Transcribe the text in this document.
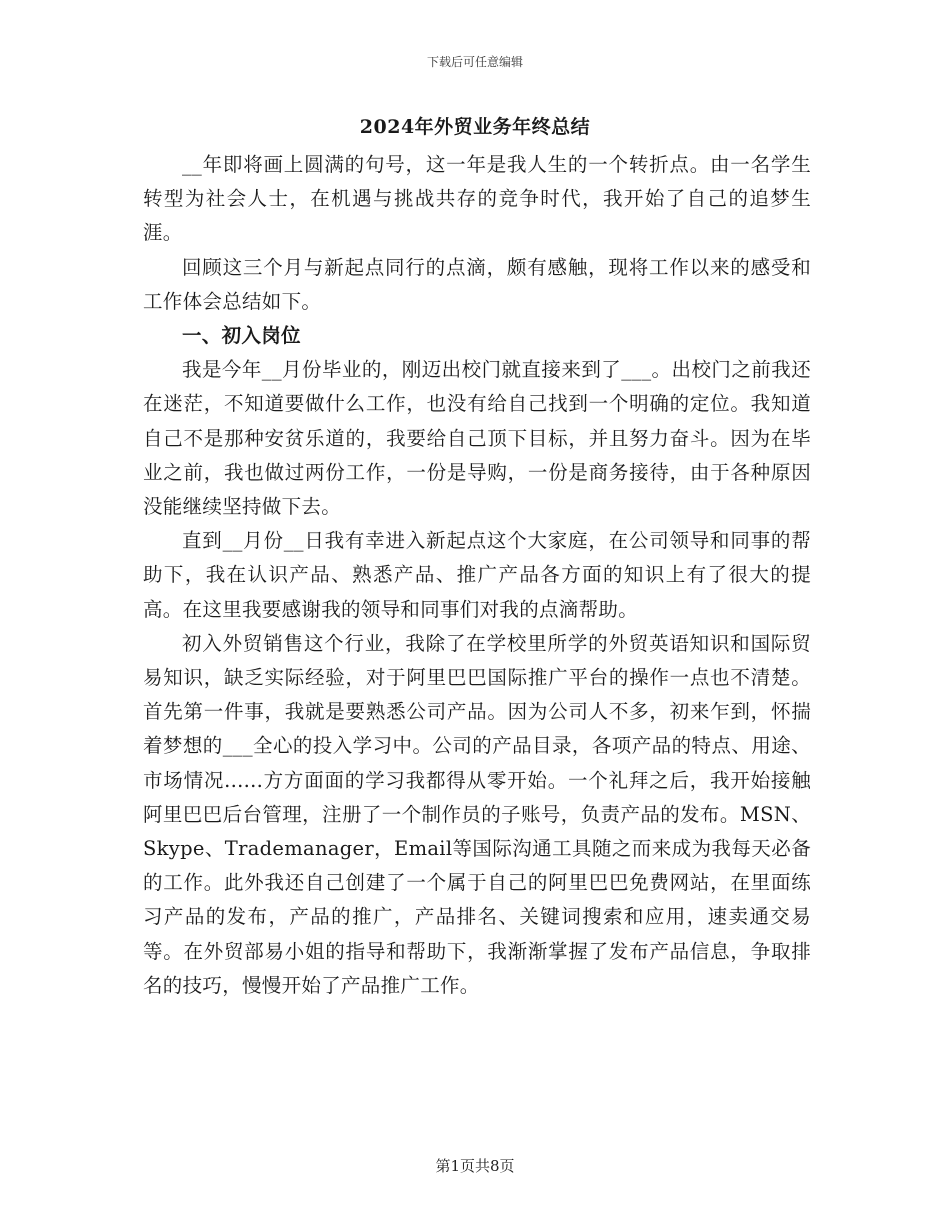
下载后可任意编辑
2024年外贸业务年终总结

__年即将画上圆满的句号，这一年是我人生的一个转折点。由一名学生转型为社会人士，在机遇与挑战共存的竞争时代，我开始了自己的追梦生涯。

回顾这三个月与新起点同行的点滴，颇有感触，现将工作以来的感受和工作体会总结如下。

一、初入岗位

我是今年__月份毕业的，刚迈出校门就直接来到了___。出校门之前我还在迷茫，不知道要做什么工作，也没有给自己找到一个明确的定位。我知道自己不是那种安贫乐道的，我要给自己顶下目标，并且努力奋斗。因为在毕业之前，我也做过两份工作，一份是导购，一份是商务接待，由于各种原因没能继续坚持做下去。

直到__月份__日我有幸进入新起点这个大家庭，在公司领导和同事的帮助下，我在认识产品、熟悉产品、推广产品各方面的知识上有了很大的提高。在这里我要感谢我的领导和同事们对我的点滴帮助。

初入外贸销售这个行业，我除了在学校里所学的外贸英语知识和国际贸易知识，缺乏实际经验，对于阿里巴巴国际推广平台的操作一点也不清楚。首先第一件事，我就是要熟悉公司产品。因为公司人不多，初来乍到，怀揣着梦想的___全心的投入学习中。公司的产品目录，各项产品的特点、用途、市场情况......方方面面的学习我都得从零开始。一个礼拜之后，我开始接触阿里巴巴后台管理，注册了一个制作员的子账号，负责产品的发布。MSN、Skype、Trademanager，Email等国际沟通工具随之而来成为我每天必备的工作。此外我还自己创建了一个属于自己的阿里巴巴免费网站，在里面练习产品的发布，产品的推广，产品排名、关键词搜索和应用，速卖通交易等。在外贸部易小姐的指导和帮助下，我渐渐掌握了发布产品信息，争取排名的技巧，慢慢开始了产品推广工作。

第1页共8页
